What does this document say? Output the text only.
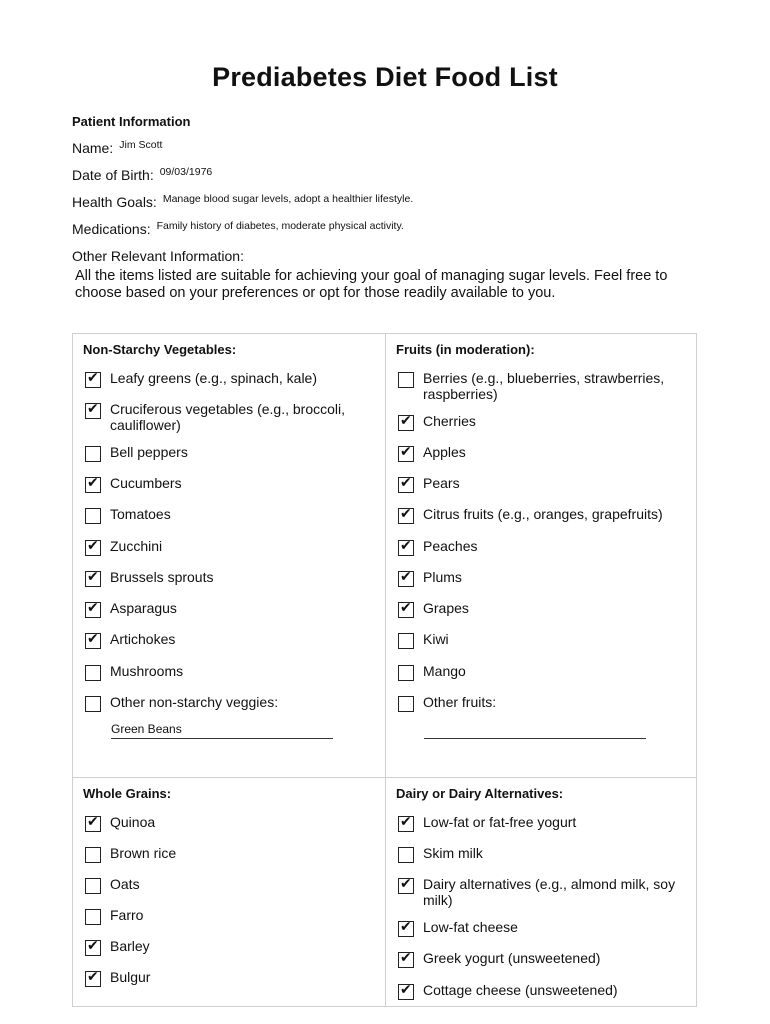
Prediabetes Diet Food List
Patient Information
Name: Jim Scott
Date of Birth: 09/03/1976
Health Goals: Manage blood sugar levels, adopt a healthier lifestyle.
Medications: Family history of diabetes, moderate physical activity.
Other Relevant Information:
All the items listed are suitable for achieving your goal of managing sugar levels. Feel free to choose based on your preferences or opt for those readily available to you.
Non-Starchy Vegetables:
Green Beans
Fruits (in moderation):
Whole Grains:	Dairy or Dairy Alternatives:
✔ Leafy greens (e.g., spinach, kale)
✔ Cruciferous vegetables (e.g., broccoli, cauliflower)
Bell peppers
✔ Cucumbers
Tomatoes
✔ Zucchini
✔ Brussels sprouts
✔ Asparagus
✔ Artichokes
Mushrooms
Other non-starchy veggies:
Berries (e.g., blueberries, strawberries, raspberries)
✔ Cherries
✔ Apples
✔ Pears
✔ Citrus fruits (e.g., oranges, grapefruits)
✔ Peaches
✔ Plums
✔ Grapes
Kiwi
Mango
Other fruits:
✔ Quinoa
Brown rice
Oats
Farro
✔ Barley
✔ Bulgur
✔ Low-fat or fat-free yogurt
Skim milk
✔ Dairy alternatives (e.g., almond milk, soy milk)
✔ Low-fat cheese
✔ Greek yogurt (unsweetened)
✔ Cottage cheese (unsweetened)
